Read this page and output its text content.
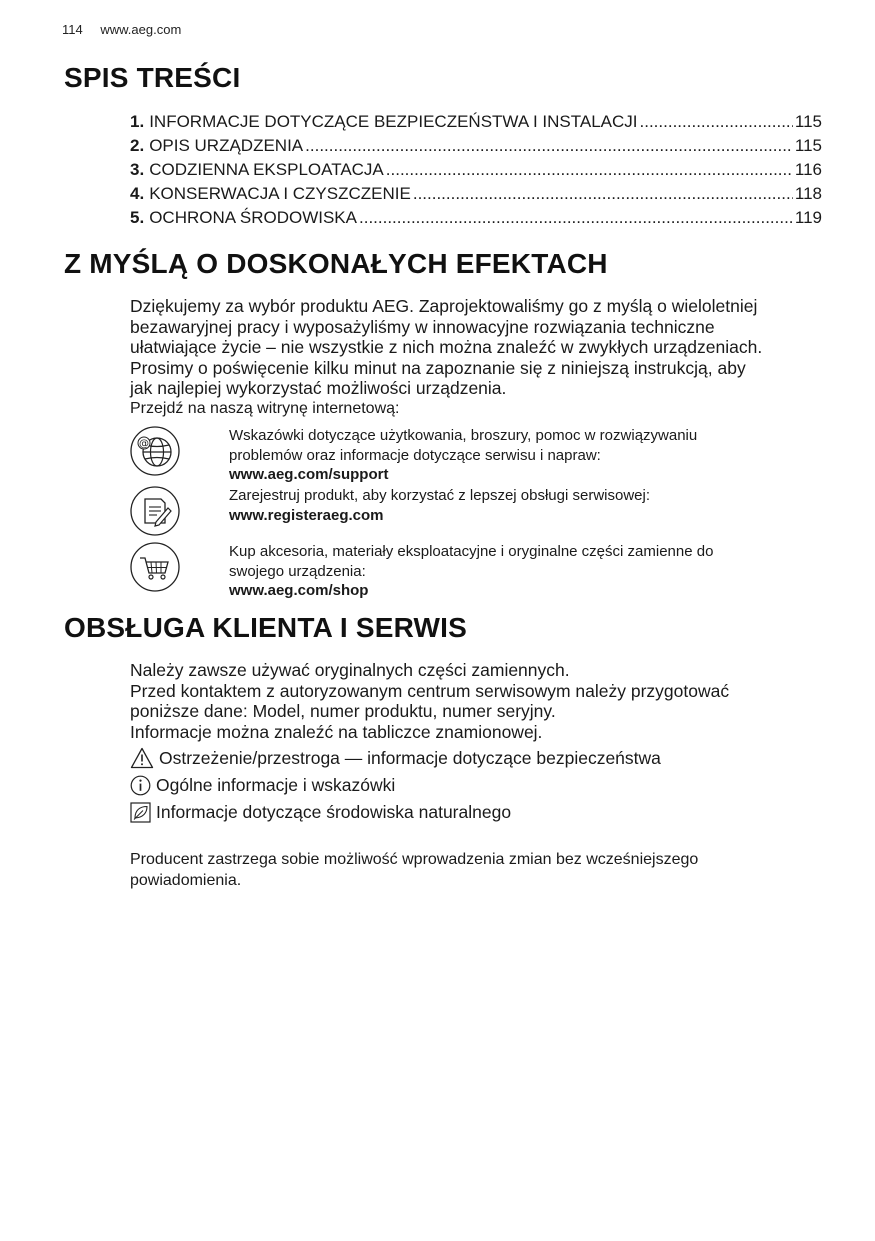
114 www.aeg.com
SPIS TREŚCI
1. INFORMACJE DOTYCZĄCE BEZPIECZEŃSTWA I INSTALACJI .....	115
2. OPIS URZĄDZENIA .....	115
3. CODZIENNA EKSPLOATACJA .....	116
4. KONSERWACJA I CZYSZCZENIE .....	118
5. OCHRONA ŚRODOWISKA .....	119
Z MYŚLĄ O DOSKONAŁYCH EFEKTACH
Dziękujemy za wybór produktu AEG. Zaprojektowaliśmy go z myślą o wieloletniej
bezawaryjnej pracy i wyposażyliśmy w innowacyjne rozwiązania techniczne
ułatwiające życie – nie wszystkie z nich można znaleźć w zwykłych urządzeniach.
Prosimy o poświęcenie kilku minut na zapoznanie się z niniejszą instrukcją, aby
jak najlepiej wykorzystać możliwości urządzenia.
Przejdź na naszą witrynę internetową:
@	Wskazówki dotyczące użytkowania, broszury, pomoc w rozwiązywaniu
problemów oraz informacje dotyczące serwisu i napraw:
www.aeg.com/support
Zarejestruj produkt, aby korzystać z lepszej obsługi serwisowej:
www.registeraeg.com
Kup akcesoria, materiały eksploatacyjne i oryginalne części zamienne do
swojego urządzenia:
www.aeg.com/shop
OBSŁUGA KLIENTA I SERWIS
Należy zawsze używać oryginalnych części zamiennych.
Przed kontaktem z autoryzowanym centrum serwisowym należy przygotować
poniższe dane: Model, numer produktu, numer seryjny.
Informacje można znaleźć na tabliczce znamionowej.
Ostrzeżenie/przestroga — informacje dotyczące bezpieczeństwa
Ogólne informacje i wskazówki
Informacje dotyczące środowiska naturalnego
Producent zastrzega sobie możliwość wprowadzenia zmian bez wcześniejszego
powiadomienia.
